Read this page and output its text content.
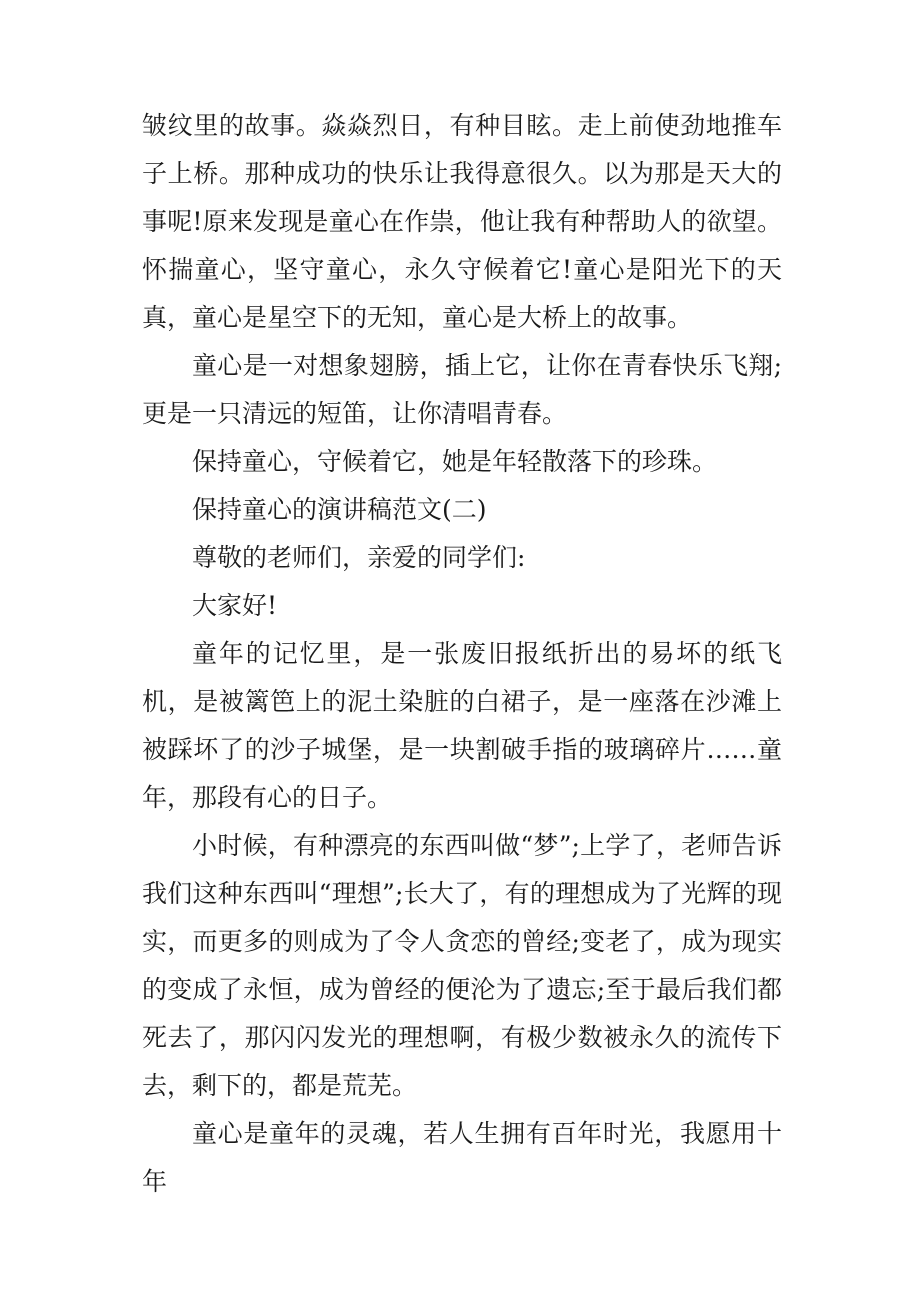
皱纹里的故事。焱焱烈日，有种目眩。走上前使劲地推车子上桥。那种成功的快乐让我得意很久。以为那是天大的事呢!原来发现是童心在作祟，他让我有种帮助人的欲望。怀揣童心，坚守童心，永久守候着它!童心是阳光下的天真，童心是星空下的无知，童心是大桥上的故事。

童心是一对想象翅膀，插上它，让你在青春快乐飞翔;更是一只清远的短笛，让你清唱青春。

保持童心，守候着它，她是年轻散落下的珍珠。

保持童心的演讲稿范文(二)

尊敬的老师们，亲爱的同学们:

大家好!

童年的记忆里，是一张废旧报纸折出的易坏的纸飞机，是被篱笆上的泥土染脏的白裙子，是一座落在沙滩上被踩坏了的沙子城堡，是一块割破手指的玻璃碎片……童年，那段有心的日子。

小时候，有种漂亮的东西叫做“梦”;上学了，老师告诉我们这种东西叫“理想”;长大了，有的理想成为了光辉的现实，而更多的则成为了令人贪恋的曾经;变老了，成为现实的变成了永恒，成为曾经的便沦为了遗忘;至于最后我们都死去了，那闪闪发光的理想啊，有极少数被永久的流传下去，剩下的，都是荒芜。

童心是童年的灵魂，若人生拥有百年时光，我愿用十年
